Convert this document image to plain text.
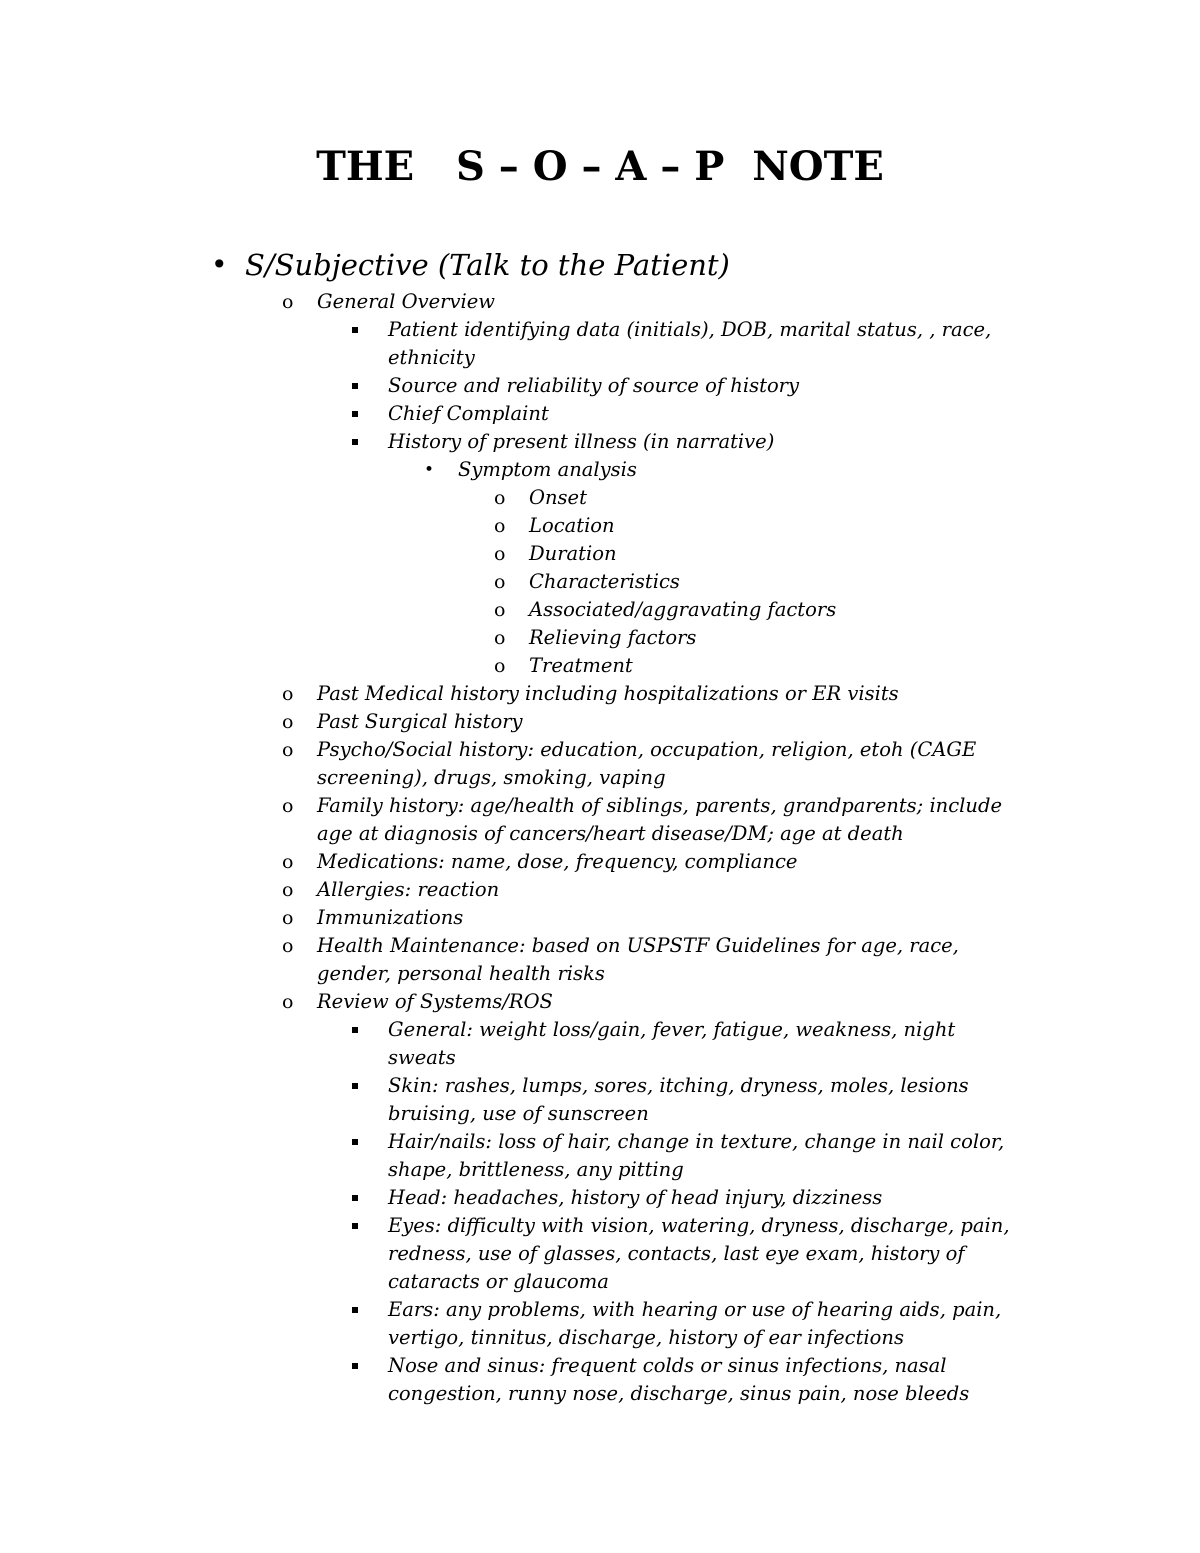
THE   S – O – A – P  NOTE
• S/Subjective (Talk to the Patient)
o General Overview
Patient identifying data (initials), DOB, marital status, , race, ethnicity
Source and reliability of source of history
Chief Complaint
History of present illness (in narrative)
• Symptom analysis
o Onset
o Location
o Duration
o Characteristics
o Associated/aggravating factors
o Relieving factors
o Treatment
o Past Medical history including hospitalizations or ER visits
o Past Surgical history
o Psycho/Social history: education, occupation, religion, etoh (CAGE screening), drugs, smoking, vaping
o Family history: age/health of siblings, parents, grandparents; include age at diagnosis of cancers/heart disease/DM; age at death
o Medications: name, dose, frequency, compliance
o Allergies: reaction
o Immunizations
o Health Maintenance: based on USPSTF Guidelines for age, race, gender, personal health risks
o Review of Systems/ROS
General: weight loss/gain, fever, fatigue, weakness, night sweats
Skin: rashes, lumps, sores, itching, dryness, moles, lesions bruising, use of sunscreen
Hair/nails: loss of hair, change in texture, change in nail color, shape, brittleness, any pitting
Head: headaches, history of head injury, dizziness
Eyes: difficulty with vision, watering, dryness, discharge, pain, redness, use of glasses, contacts, last eye exam, history of cataracts or glaucoma
Ears: any problems, with hearing or use of hearing aids, pain, vertigo, tinnitus, discharge, history of ear infections
Nose and sinus: frequent colds or sinus infections, nasal congestion, runny nose, discharge, sinus pain, nose bleeds
